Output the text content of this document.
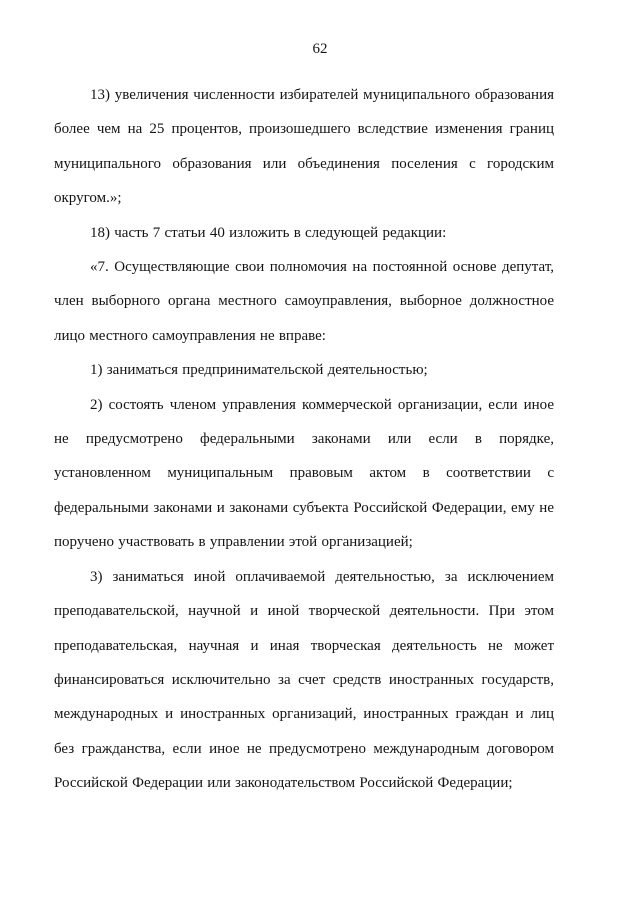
62

13) увеличения численности избирателей муниципального образования более чем на 25 процентов, произошедшего вследствие изменения границ муниципального образования или объединения поселения с городским округом.»;

18) часть 7 статьи 40 изложить в следующей редакции:

«7. Осуществляющие свои полномочия на постоянной основе депутат, член выборного органа местного самоуправления, выборное должностное лицо местного самоуправления не вправе:

1) заниматься предпринимательской деятельностью;

2) состоять членом управления коммерческой организации, если иное не предусмотрено федеральными законами или если в порядке, установленном муниципальным правовым актом в соответствии с федеральными законами и законами субъекта Российской Федерации, ему не поручено участвовать в управлении этой организацией;

3) заниматься иной оплачиваемой деятельностью, за исключением преподавательской, научной и иной творческой деятельности. При этом преподавательская, научная и иная творческая деятельность не может финансироваться исключительно за счет средств иностранных государств, международных и иностранных организаций, иностранных граждан и лиц без гражданства, если иное не предусмотрено международным договором Российской Федерации или законодательством Российской Федерации;
